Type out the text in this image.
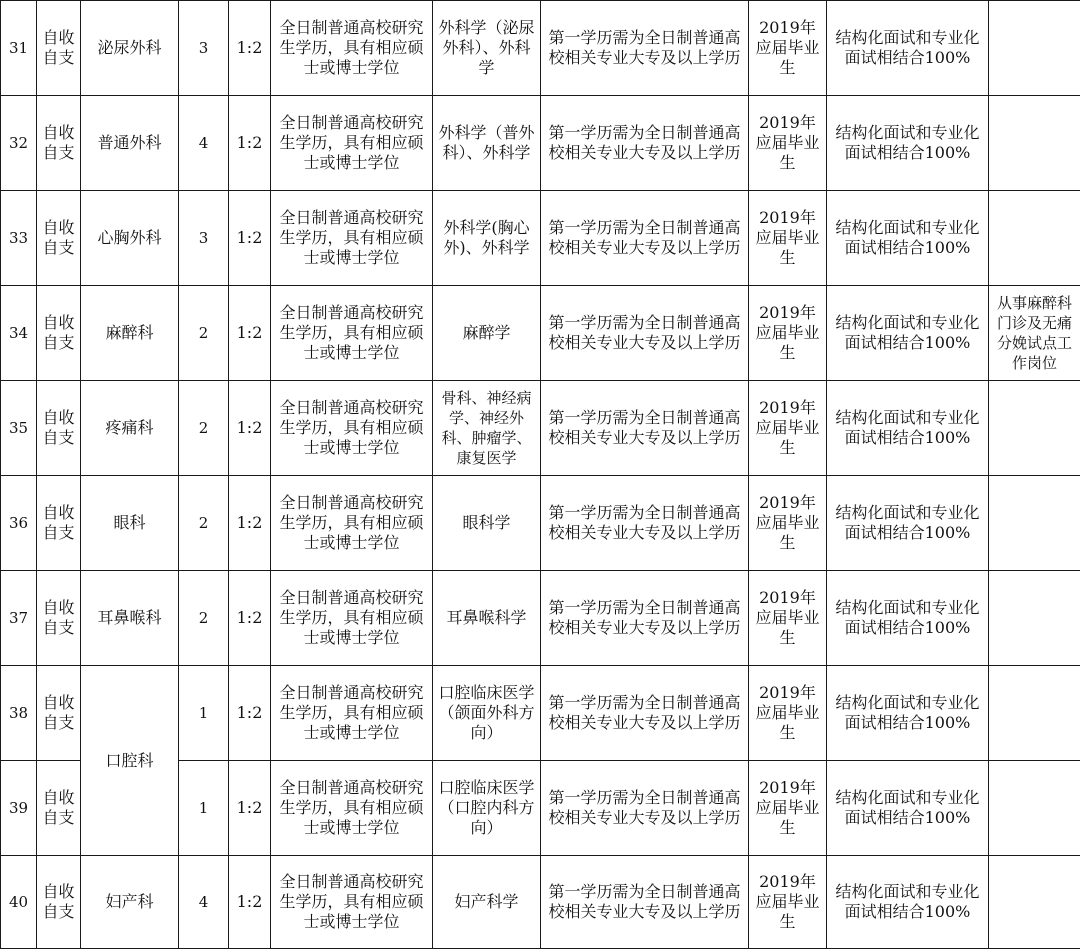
31	自收自支	泌尿外科	3	1:2	全日制普通高校研究生学历，具有相应硕士或博士学位	外科学（泌尿外科）、外科学	第一学历需为全日制普通高校相关专业大专及以上学历	2019年应届毕业生	结构化面试和专业化面试相结合100%	
32	自收自支	普通外科	4	1:2	全日制普通高校研究生学历，具有相应硕士或博士学位	外科学（普外科）、外科学	第一学历需为全日制普通高校相关专业大专及以上学历	2019年应届毕业生	结构化面试和专业化面试相结合100%	
33	自收自支	心胸外科	3	1:2	全日制普通高校研究生学历，具有相应硕士或博士学位	外科学(胸心外)、外科学	第一学历需为全日制普通高校相关专业大专及以上学历	2019年应届毕业生	结构化面试和专业化面试相结合100%	
34	自收自支	麻醉科	2	1:2	全日制普通高校研究生学历，具有相应硕士或博士学位	麻醉学	第一学历需为全日制普通高校相关专业大专及以上学历	2019年应届毕业生	结构化面试和专业化面试相结合100%	从事麻醉科门诊及无痛分娩试点工作岗位
35	自收自支	疼痛科	2	1:2	全日制普通高校研究生学历，具有相应硕士或博士学位	骨科、神经病学、神经外科、肿瘤学、康复医学	第一学历需为全日制普通高校相关专业大专及以上学历	2019年应届毕业生	结构化面试和专业化面试相结合100%	
36	自收自支	眼科	2	1:2	全日制普通高校研究生学历，具有相应硕士或博士学位	眼科学	第一学历需为全日制普通高校相关专业大专及以上学历	2019年应届毕业生	结构化面试和专业化面试相结合100%	
37	自收自支	耳鼻喉科	2	1:2	全日制普通高校研究生学历，具有相应硕士或博士学位	耳鼻喉科学	第一学历需为全日制普通高校相关专业大专及以上学历	2019年应届毕业生	结构化面试和专业化面试相结合100%	
38	自收自支	口腔科	1	1:2	全日制普通高校研究生学历，具有相应硕士或博士学位	口腔临床医学（颌面外科方向）	第一学历需为全日制普通高校相关专业大专及以上学历	2019年应届毕业生	结构化面试和专业化面试相结合100%	
39	自收自支		1	1:2	全日制普通高校研究生学历，具有相应硕士或博士学位	口腔临床医学（口腔内科方向）	第一学历需为全日制普通高校相关专业大专及以上学历	2019年应届毕业生	结构化面试和专业化面试相结合100%	
40	自收自支	妇产科	4	1:2	全日制普通高校研究生学历，具有相应硕士或博士学位	妇产科学	第一学历需为全日制普通高校相关专业大专及以上学历	2019年应届毕业生	结构化面试和专业化面试相结合100%	
